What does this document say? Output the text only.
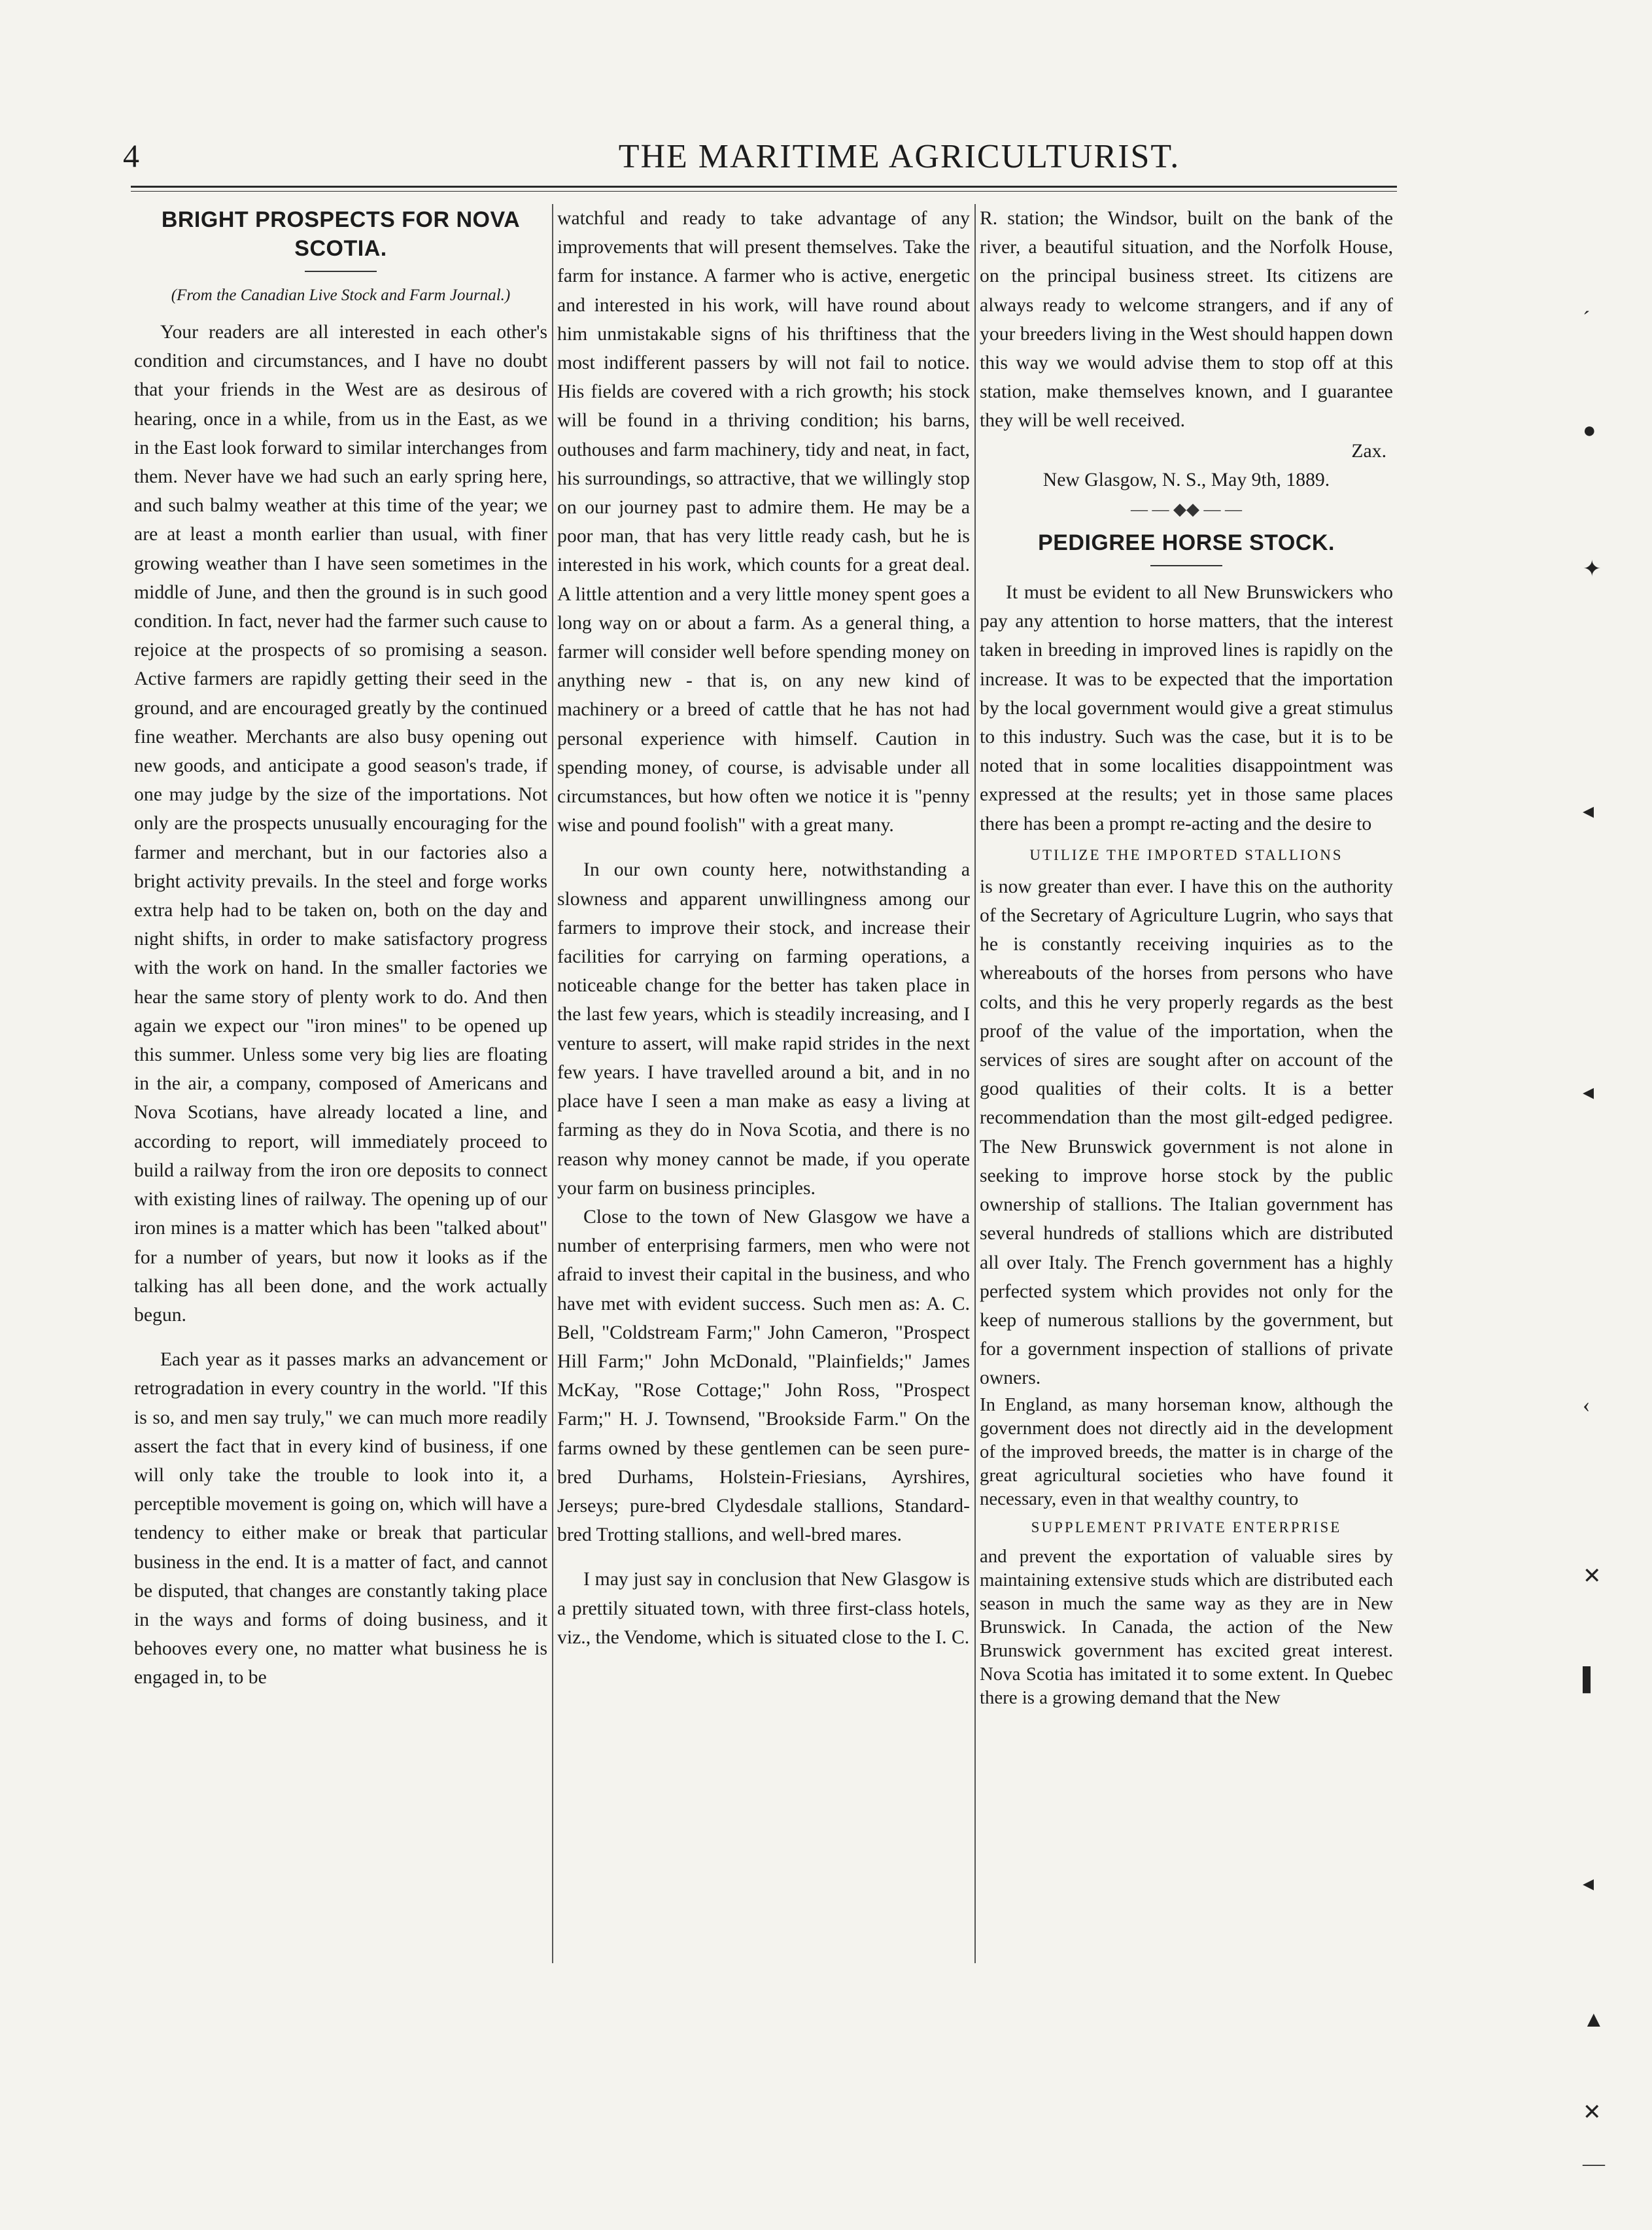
4	THE MARITIME AGRICULTURIST.
BRIGHT PROSPECTS FOR NOVA SCOTIA.
(From the Canadian Live Stock and Farm Journal.)

Your readers are all interested in each other's condition and circumstances, and I have no doubt that your friends in the West are as desirous of hearing, once in a while, from us in the East, as we in the East look forward to similar interchanges from them. Never have we had such an early spring here, and such balmy weather at this time of the year; we are at least a month earlier than usual, with finer growing weather than I have seen sometimes in the middle of June, and then the ground is in such good condition. In fact, never had the farmer such cause to rejoice at the prospects of so promising a season. Active farmers are rapidly getting their seed in the ground, and are encouraged greatly by the continued fine weather. Merchants are also busy opening out new goods, and anticipate a good season's trade, if one may judge by the size of the importations. Not only are the prospects unusually encouraging for the farmer and merchant, but in our factories also a bright activity prevails. In the steel and forge works extra help had to be taken on, both on the day and night shifts, in order to make satisfactory progress with the work on hand. In the smaller factories we hear the same story of plenty work to do. And then again we expect our "iron mines" to be opened up this summer. Unless some very big lies are floating in the air, a company, composed of Americans and Nova Scotians, have already located a line, and according to report, will immediately proceed to build a railway from the iron ore deposits to connect with existing lines of railway. The opening up of our iron mines is a matter which has been "talked about" for a number of years, but now it looks as if the talking has all been done, and the work actually begun.

Each year as it passes marks an advancement or retrogradation in every country in the world. "If this is so, and men say truly," we can much more readily assert the fact that in every kind of business, if one will only take the trouble to look into it, a perceptible movement is going on, which will have a tendency to either make or break that particular business in the end. It is a matter of fact, and cannot be disputed, that changes are constantly taking place in the ways and forms of doing business, and it behooves every one, no matter what business he is engaged in, to be

watchful and ready to take advantage of any improvements that will present themselves. Take the farm for instance. A farmer who is active, energetic and interested in his work, will have round about him unmistakable signs of his thriftiness that the most indifferent passers by will not fail to notice. His fields are covered with a rich growth; his stock will be found in a thriving condition; his barns, outhouses and farm machinery, tidy and neat, in fact, his surroundings, so attractive, that we willingly stop on our journey past to admire them. He may be a poor man, that has very little ready cash, but he is interested in his work, which counts for a great deal. A little attention and a very little money spent goes a long way on or about a farm. As a general thing, a farmer will consider well before spending money on anything new - that is, on any new kind of machinery or a breed of cattle that he has not had personal experience with himself. Caution in spending money, of course, is advisable under all circumstances, but how often we notice it is "penny wise and pound foolish" with a great many.

In our own county here, notwithstanding a slowness and apparent unwillingness among our farmers to improve their stock, and increase their facilities for carrying on farming operations, a noticeable change for the better has taken place in the last few years, which is steadily increasing, and I venture to assert, will make rapid strides in the next few years. I have travelled around a bit, and in no place have I seen a man make as easy a living at farming as they do in Nova Scotia, and there is no reason why money cannot be made, if you operate your farm on business principles.

Close to the town of New Glasgow we have a number of enterprising farmers, men who were not afraid to invest their capital in the business, and who have met with evident success. Such men as: A. C. Bell, "Coldstream Farm;" John Cameron, "Prospect Hill Farm;" John McDonald, "Plainfields;" James McKay, "Rose Cottage;" John Ross, "Prospect Farm;" H. J. Townsend, "Brookside Farm." On the farms owned by these gentlemen can be seen pure-bred Durhams, Holstein-Friesians, Ayrshires, Jerseys; pure-bred Clydesdale stallions, Standard-bred Trotting stallions, and well-bred mares.

I may just say in conclusion that New Glasgow is a prettily situated town, with three first-class hotels, viz., the Vendome, which is situated close to the I. C.

R. station; the Windsor, built on the bank of the river, a beautiful situation, and the Norfolk House, on the principal business street. Its citizens are always ready to welcome strangers, and if any of your breeders living in the West should happen down this way we would advise them to stop off at this station, make themselves known, and I guarantee they will be well received.

Zax.
New Glasgow, N. S., May 9th, 1889.
— — ◆◆ — —
PEDIGREE HORSE STOCK.

It must be evident to all New Brunswickers who pay any attention to horse matters, that the interest taken in breeding in improved lines is rapidly on the increase. It was to be expected that the importation by the local government would give a great stimulus to this industry. Such was the case, but it is to be noted that in some localities disappointment was expressed at the results; yet in those same places there has been a prompt re-acting and the desire to

UTILIZE THE IMPORTED STALLIONS

is now greater than ever. I have this on the authority of the Secretary of Agriculture Lugrin, who says that he is constantly receiving inquiries as to the whereabouts of the horses from persons who have colts, and this he very properly regards as the best proof of the value of the importation, when the services of sires are sought after on account of the good qualities of their colts. It is a better recommendation than the most gilt-edged pedigree. The New Brunswick government is not alone in seeking to improve horse stock by the public ownership of stallions. The Italian government has several hundreds of stallions which are distributed all over Italy. The French government has a highly perfected system which provides not only for the keep of numerous stallions by the government, but for a government inspection of stallions of private owners.

In England, as many horseman know, although the government does not directly aid in the development of the improved breeds, the matter is in charge of the great agricultural societies who have found it necessary, even in that wealthy country, to

SUPPLEMENT PRIVATE ENTERPRISE

and prevent the exportation of valuable sires by maintaining extensive studs which are distributed each season in much the same way as they are in New Brunswick. In Canada, the action of the New Brunswick government has excited great interest. Nova Scotia has imitated it to some extent. In Quebec there is a growing demand that the New

´
●
✦
◂
◂
‹
✕
▌
◂
▲
✕
—
